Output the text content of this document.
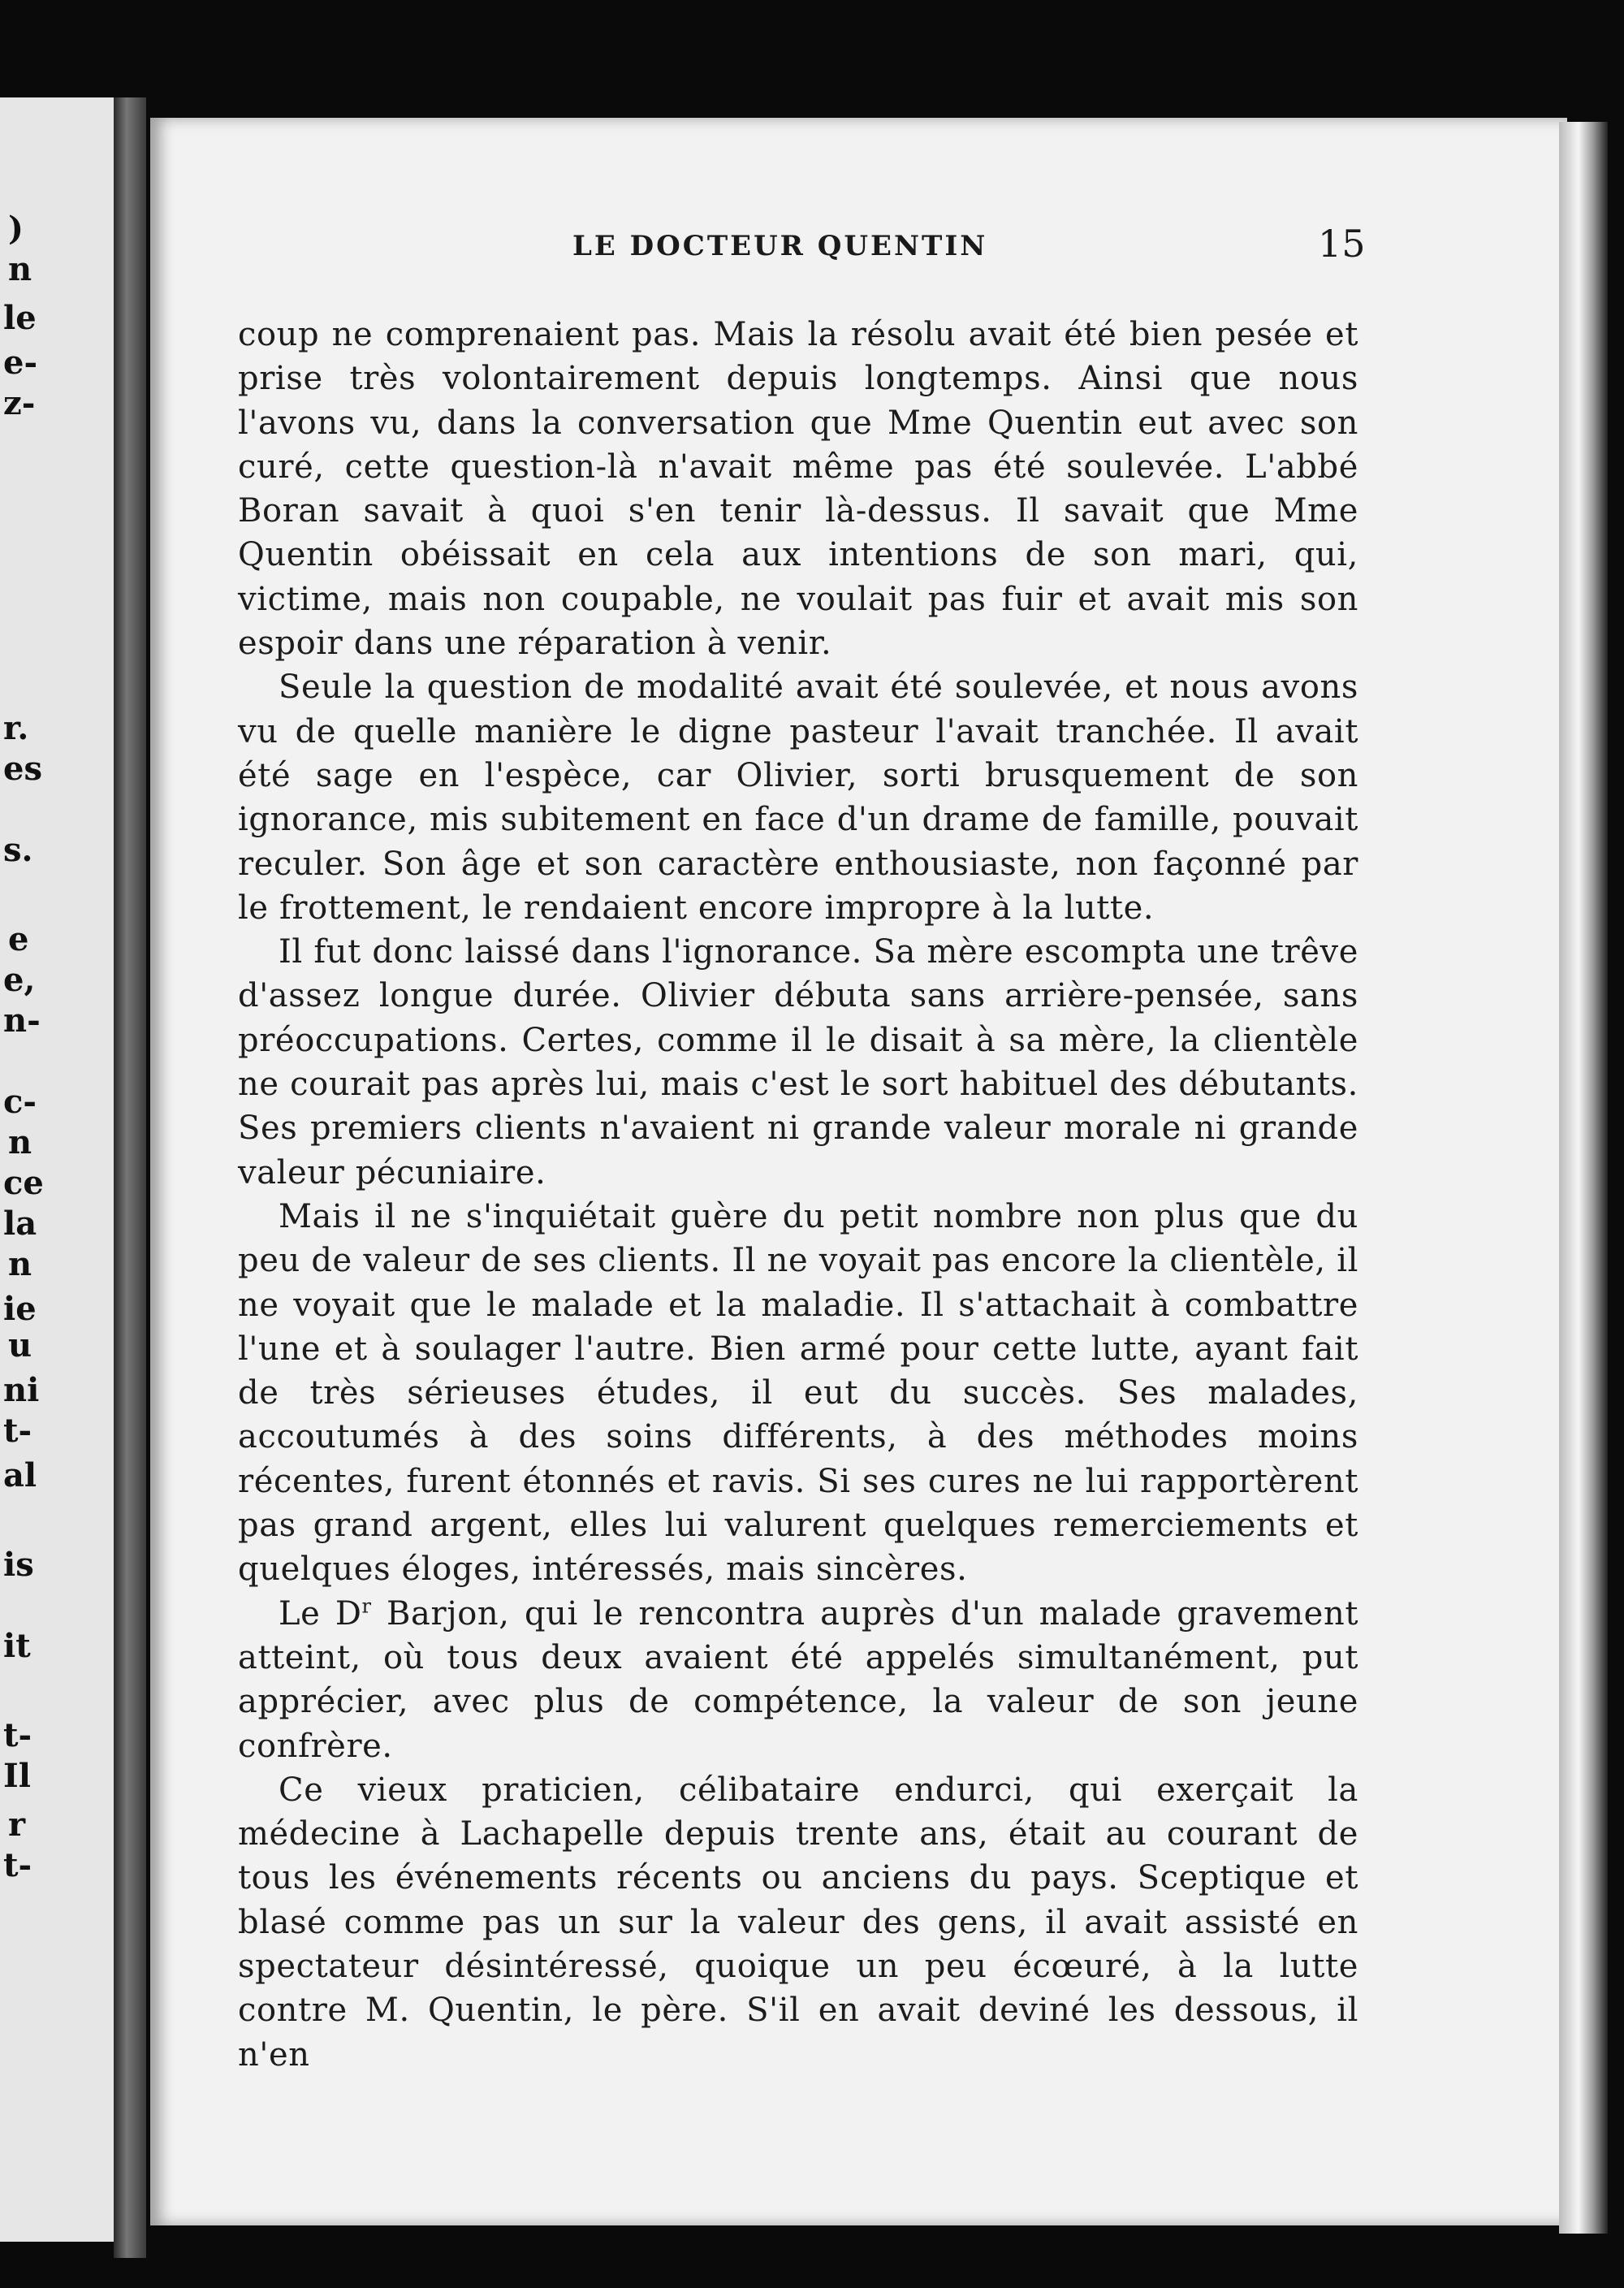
)
n
le
e-
z-
r.
es
s.
e
e,
n-
c-
n
ce
la
n
ie
u
ni
t-
al
is
it
t-
Il
r
t-
LE DOCTEUR QUENTIN	15

coup ne comprenaient pas. Mais la résolu avait été bien pesée et prise très volontairement depuis longtemps. Ainsi que nous l'avons vu, dans la conversation que Mme Quentin eut avec son curé, cette question-là n'avait même pas été soulevée. L'abbé Boran savait à quoi s'en tenir là-dessus. Il savait que Mme Quentin obéissait en cela aux intentions de son mari, qui, victime, mais non coupable, ne voulait pas fuir et avait mis son espoir dans une réparation à venir.

Seule la question de modalité avait été soulevée, et nous avons vu de quelle manière le digne pasteur l'avait tranchée. Il avait été sage en l'espèce, car Olivier, sorti brusquement de son ignorance, mis subitement en face d'un drame de famille, pouvait reculer. Son âge et son caractère enthousiaste, non façonné par le frottement, le rendaient encore impropre à la lutte.

Il fut donc laissé dans l'ignorance. Sa mère escompta une trêve d'assez longue durée. Olivier débuta sans arrière-pensée, sans préoccupations. Certes, comme il le disait à sa mère, la clientèle ne courait pas après lui, mais c'est le sort habituel des débutants. Ses premiers clients n'avaient ni grande valeur morale ni grande valeur pécuniaire.

Mais il ne s'inquiétait guère du petit nombre non plus que du peu de valeur de ses clients. Il ne voyait pas encore la clientèle, il ne voyait que le malade et la maladie. Il s'attachait à combattre l'une et à soulager l'autre. Bien armé pour cette lutte, ayant fait de très sérieuses études, il eut du succès. Ses malades, accoutumés à des soins différents, à des méthodes moins récentes, furent étonnés et ravis. Si ses cures ne lui rapportèrent pas grand argent, elles lui valurent quelques remerciements et quelques éloges, intéressés, mais sincères.

Le $D^r$ Barjon, qui le rencontra auprès d'un malade gravement atteint, où tous deux avaient été appelés simultanément, put apprécier, avec plus de compétence, la valeur de son jeune confrère.

Ce vieux praticien, célibataire endurci, qui exerçait la médecine à Lachapelle depuis trente ans, était au courant de tous les événements récents ou anciens du pays. Sceptique et blasé comme pas un sur la valeur des gens, il avait assisté en spectateur désintéressé, quoique un peu écœuré, à la lutte contre M. Quentin, le père. S'il en avait deviné les dessous, il n'en
